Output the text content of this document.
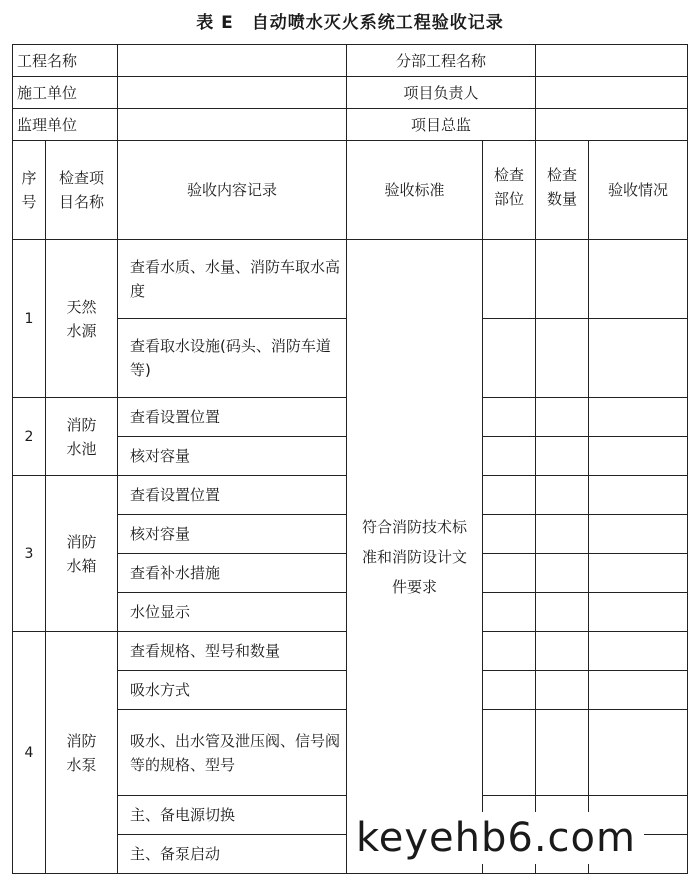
表 E 自动喷水灭火系统工程验收记录
工程名称			分部工程名称			
施工单位			项目负责人			
监理单位			项目总监			
序号	检查项目名称	验收内容记录	验收标准	检查部位	检查数量	验收情况
1	天然水源	查看水质、水量、消防车取水高度	符合消防技术标准和消防设计文件要求			
		查看取水设施(码头、消防车道等)				
2	消防水池	查看设置位置				
		核对容量				
3	消防水箱	查看设置位置				
		核对容量				
		查看补水措施				
		水位显示				
4	消防水泵	查看规格、型号和数量				
		吸水方式				
		吸水、出水管及泄压阀、信号阀等的规格、型号				
		主、备电源切换				
		主、备泵启动					keyehb6.com
